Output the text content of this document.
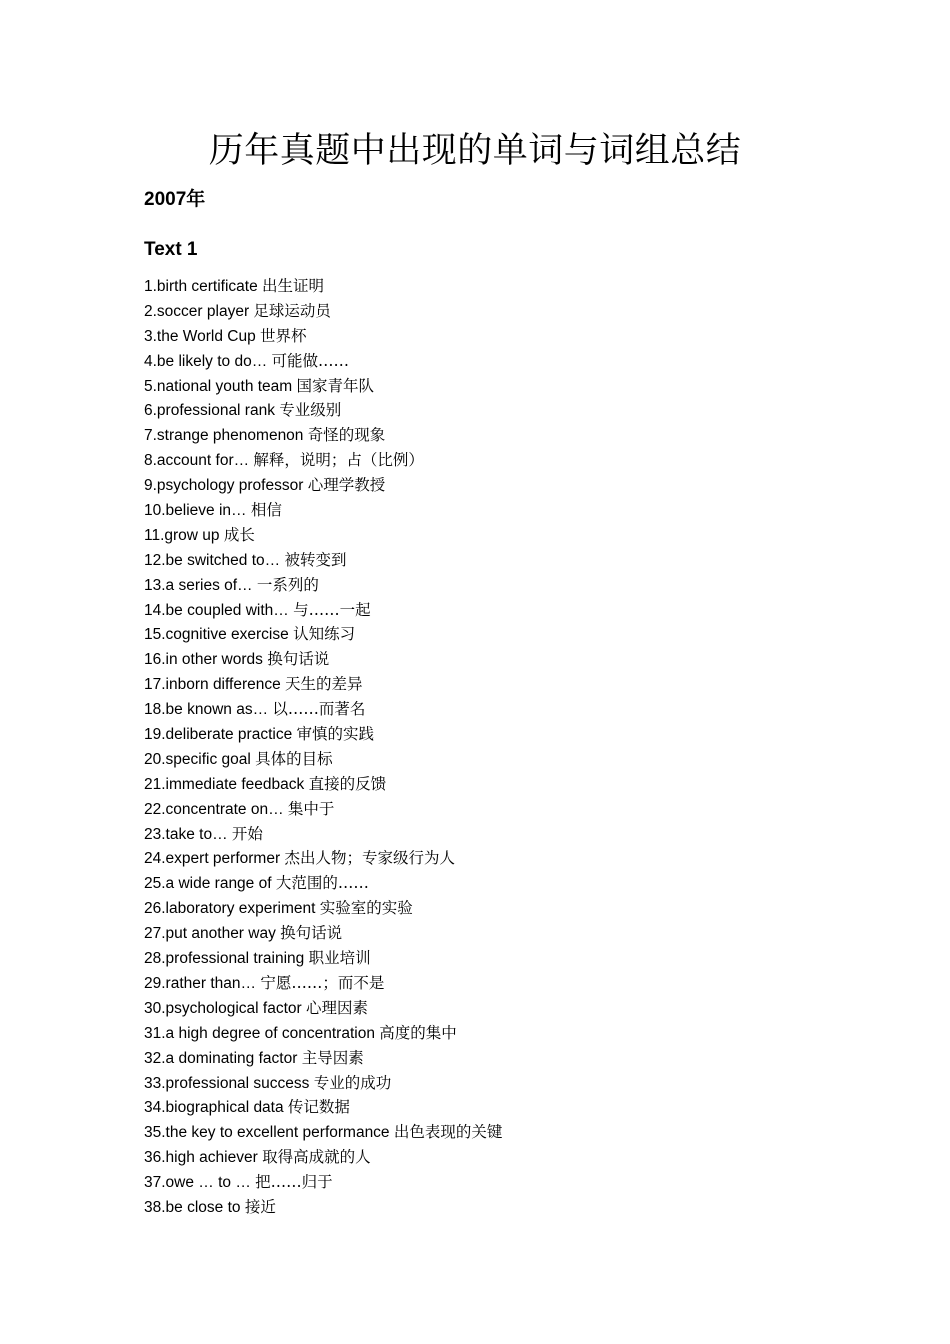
历年真题中出现的单词与词组总结
2007年
Text 1
1.birth certificate 出生证明
2.soccer player 足球运动员
3.the World Cup 世界杯
4.be likely to do… 可能做……
5.national youth team 国家青年队
6.professional rank 专业级别
7.strange phenomenon 奇怪的现象
8.account for… 解释，说明；占（比例）
9.psychology professor 心理学教授
10.believe in… 相信
11.grow up 成长
12.be switched to… 被转变到
13.a series of… 一系列的
14.be coupled with… 与……一起
15.cognitive exercise 认知练习
16.in other words 换句话说
17.inborn difference 天生的差异
18.be known as… 以……而著名
19.deliberate practice 审慎的实践
20.specific goal 具体的目标
21.immediate feedback 直接的反馈
22.concentrate on… 集中于
23.take to… 开始
24.expert performer 杰出人物；专家级行为人
25.a wide range of 大范围的……
26.laboratory experiment 实验室的实验
27.put another way 换句话说
28.professional training 职业培训
29.rather than… 宁愿……；而不是
30.psychological factor 心理因素
31.a high degree of concentration 高度的集中
32.a dominating factor 主导因素
33.professional success 专业的成功
34.biographical data 传记数据
35.the key to excellent performance 出色表现的关键
36.high achiever 取得高成就的人
37.owe … to … 把……归于
38.be close to 接近
